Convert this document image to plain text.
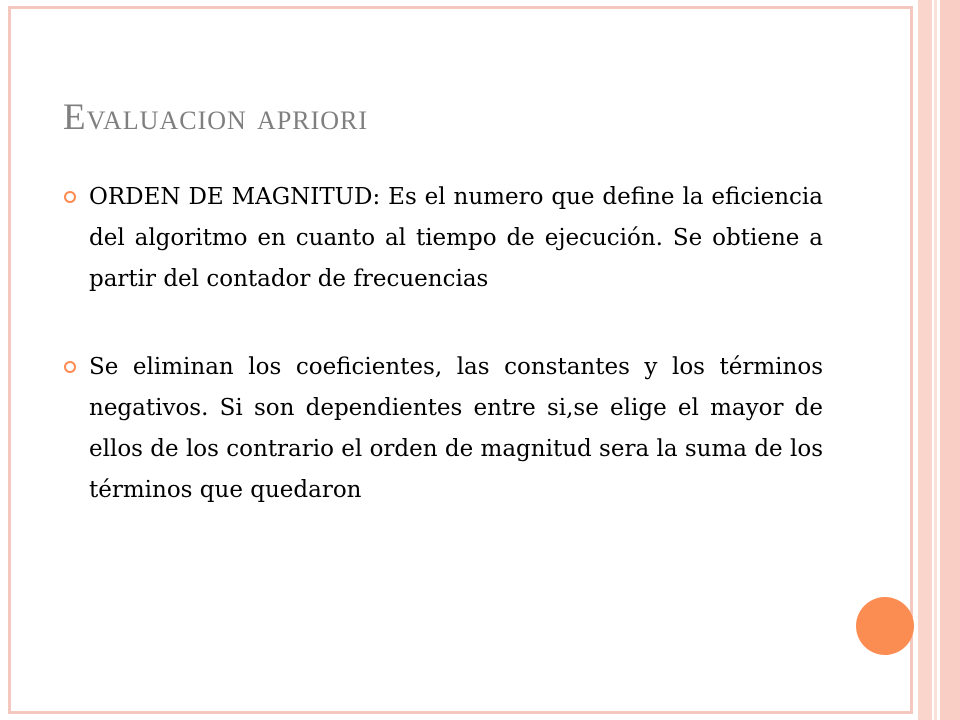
Evaluacion apriori
ORDEN DE MAGNITUD: Es el numero que define la eficiencia del algoritmo en cuanto al tiempo de ejecución. Se obtiene a partir del contador de frecuencias
Se eliminan los coeficientes, las constantes y los términos negativos. Si son dependientes entre si,se elige el mayor de ellos de los contrario el orden de magnitud sera la suma de los términos que quedaron
